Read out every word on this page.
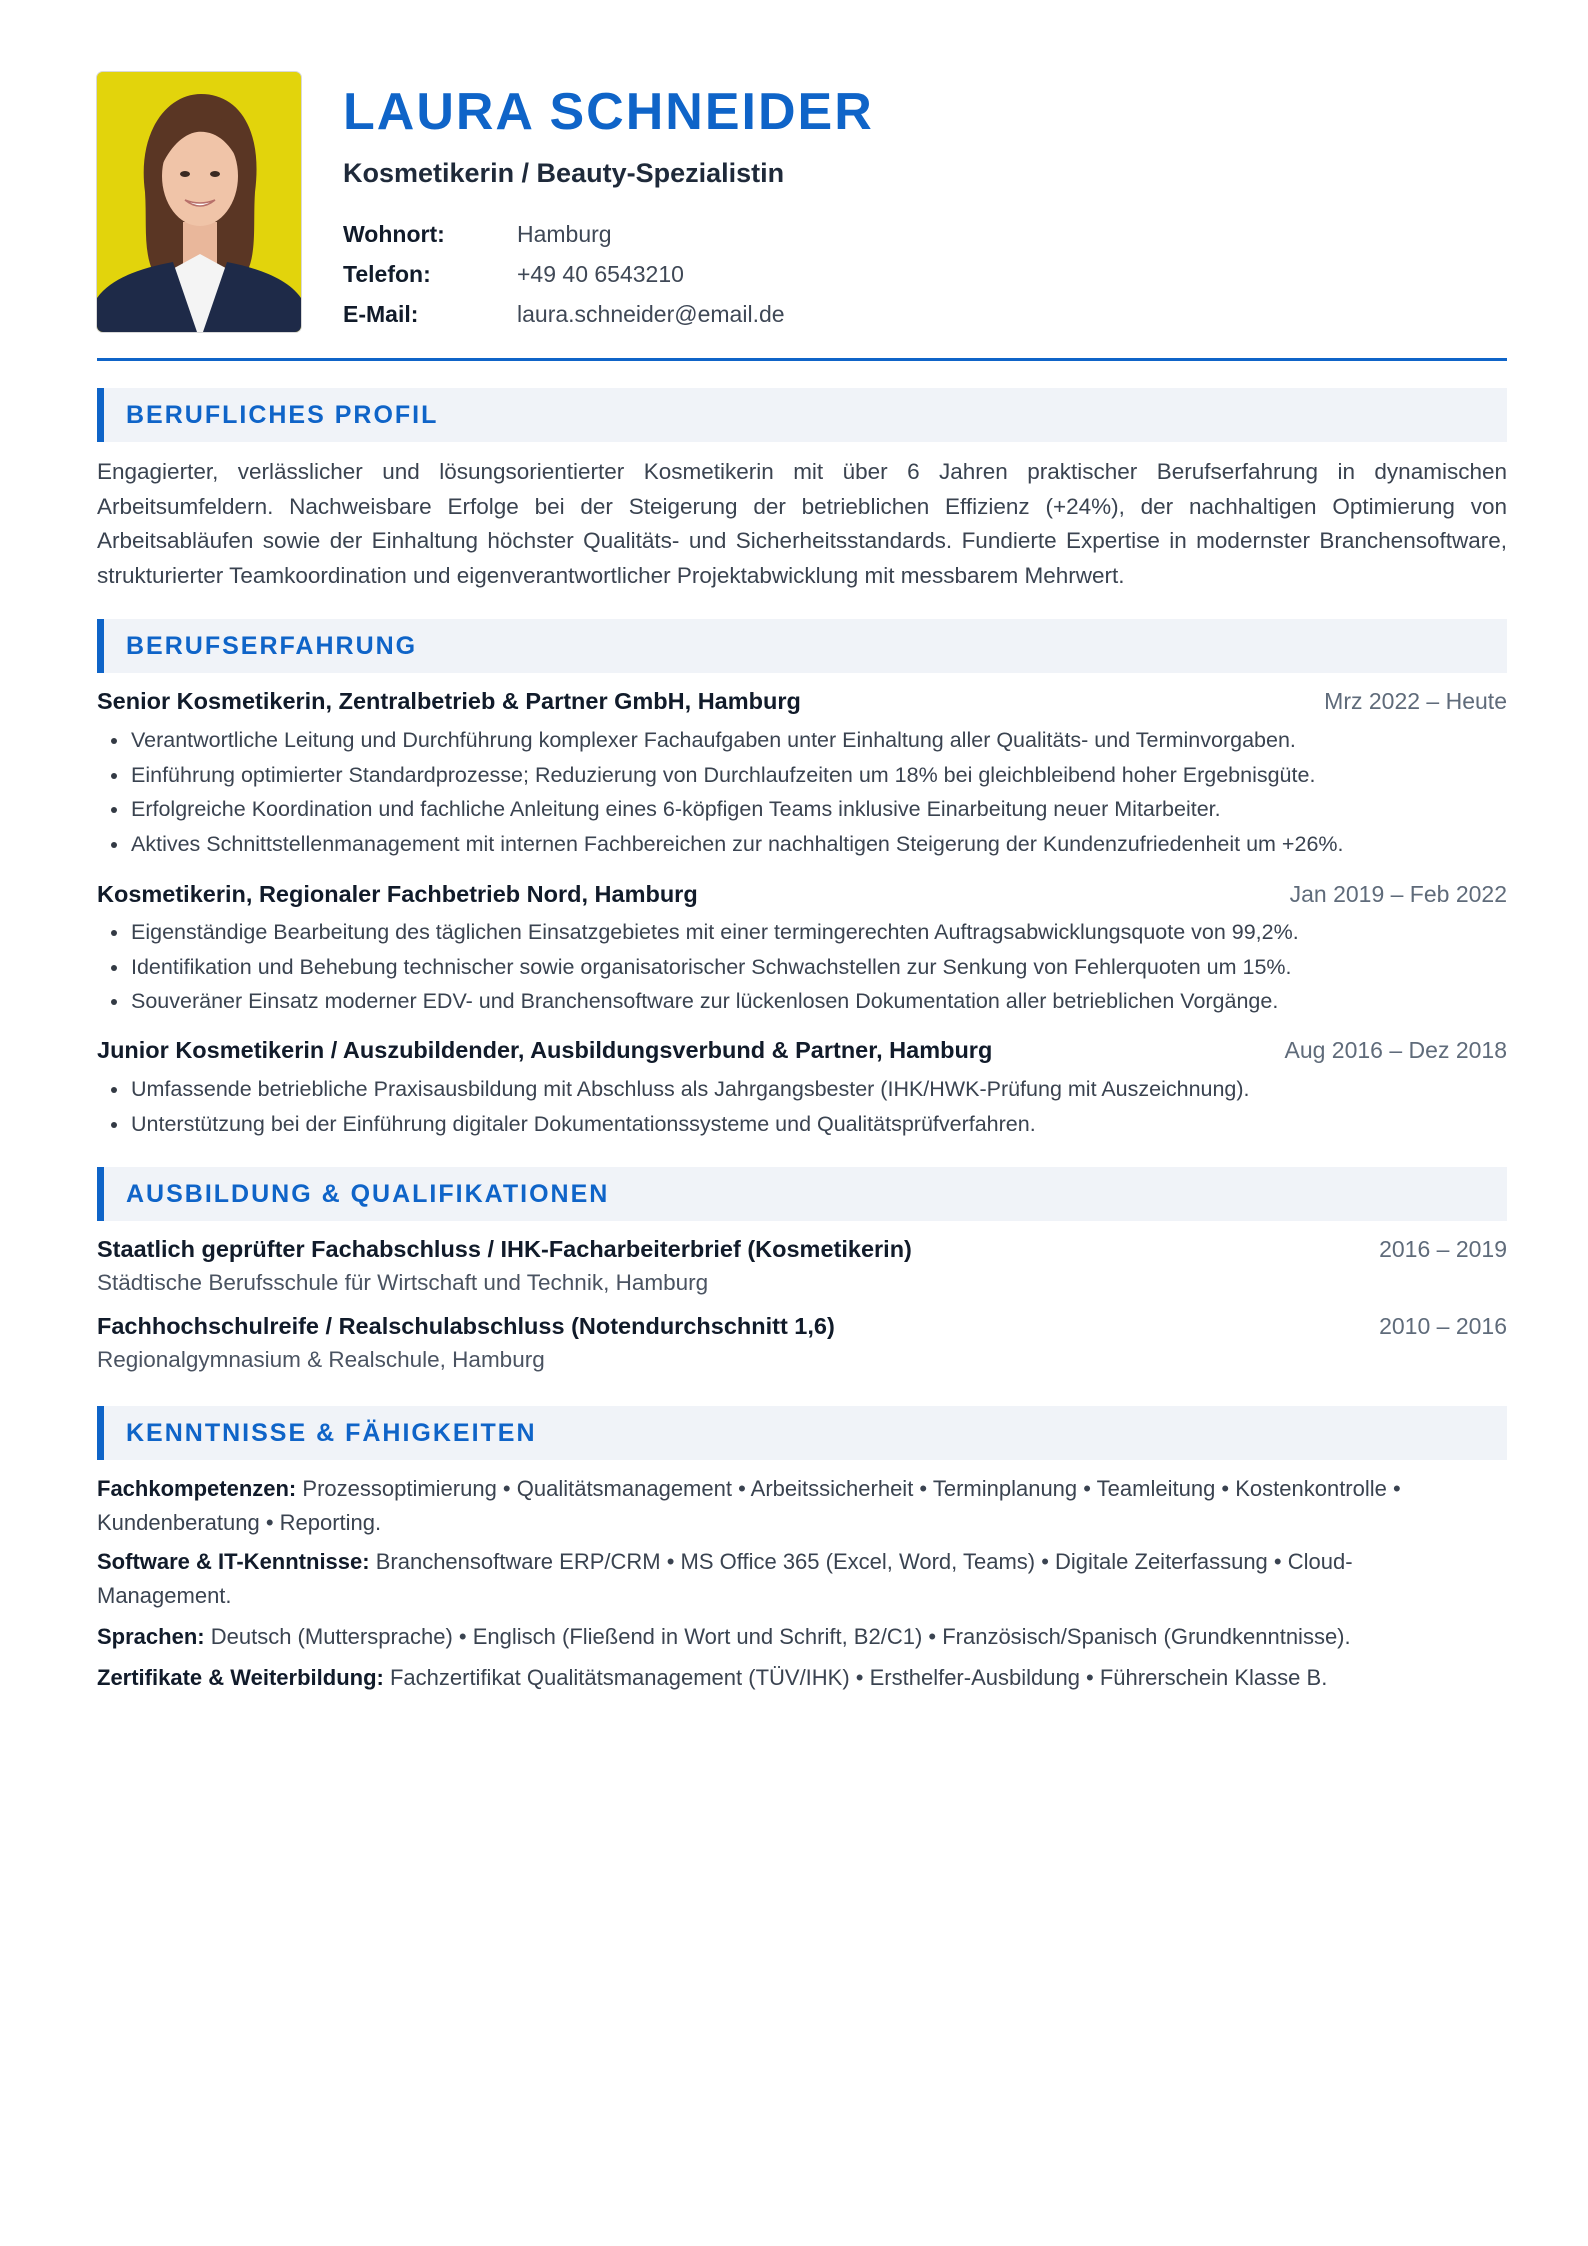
LAURA SCHNEIDER
Kosmetikerin / Beauty-Spezialistin
Wohnort:	Hamburg
Telefon:	+49 40 6543210
E-Mail:	laura.schneider@email.de
BERUFLICHES PROFIL
Engagierter, verlässlicher und lösungsorientierter Kosmetikerin mit über 6 Jahren praktischer Berufserfahrung in dynamischen Arbeitsumfeldern. Nachweisbare Erfolge bei der Steigerung der betrieblichen Effizienz (+24%), der nachhaltigen Optimierung von Arbeitsabläufen sowie der Einhaltung höchster Qualitäts- und Sicherheitsstandards. Fundierte Expertise in modernster Branchensoftware, strukturierter Teamkoordination und eigenverantwortlicher Projektabwicklung mit messbarem Mehrwert.
BERUFSERFAHRUNG
Senior Kosmetikerin, Zentralbetrieb & Partner GmbH, Hamburg	Mrz 2022 – Heute
Verantwortliche Leitung und Durchführung komplexer Fachaufgaben unter Einhaltung aller Qualitäts- und Terminvorgaben.
Einführung optimierter Standardprozesse; Reduzierung von Durchlaufzeiten um 18% bei gleichbleibend hoher Ergebnisgüte.
Erfolgreiche Koordination und fachliche Anleitung eines 6-köpfigen Teams inklusive Einarbeitung neuer Mitarbeiter.
Aktives Schnittstellenmanagement mit internen Fachbereichen zur nachhaltigen Steigerung der Kundenzufriedenheit um +26%.
Kosmetikerin, Regionaler Fachbetrieb Nord, Hamburg	Jan 2019 – Feb 2022
Eigenständige Bearbeitung des täglichen Einsatzgebietes mit einer termingerechten Auftragsabwicklungsquote von 99,2%.
Identifikation und Behebung technischer sowie organisatorischer Schwachstellen zur Senkung von Fehlerquoten um 15%.
Souveräner Einsatz moderner EDV- und Branchensoftware zur lückenlosen Dokumentation aller betrieblichen Vorgänge.
Junior Kosmetikerin / Auszubildender, Ausbildungsverbund & Partner, Hamburg	Aug 2016 – Dez 2018
Umfassende betriebliche Praxisausbildung mit Abschluss als Jahrgangsbester (IHK/HWK-Prüfung mit Auszeichnung).
Unterstützung bei der Einführung digitaler Dokumentationssysteme und Qualitätsprüfverfahren.
AUSBILDUNG & QUALIFIKATIONEN
Staatlich geprüfter Fachabschluss / IHK-Facharbeiterbrief (Kosmetikerin)	2016 – 2019
Städtische Berufsschule für Wirtschaft und Technik, Hamburg
Fachhochschulreife / Realschulabschluss (Notendurchschnitt 1,6)	2010 – 2016
Regionalgymnasium & Realschule, Hamburg
KENNTNISSE & FÄHIGKEITEN
Fachkompetenzen: Prozessoptimierung • Qualitätsmanagement • Arbeitssicherheit • Terminplanung • Teamleitung • Kostenkontrolle • Kundenberatung • Reporting.
Software & IT-Kenntnisse: Branchensoftware ERP/CRM • MS Office 365 (Excel, Word, Teams) • Digitale Zeiterfassung • Cloud-Management.
Sprachen: Deutsch (Muttersprache) • Englisch (Fließend in Wort und Schrift, B2/C1) • Französisch/Spanisch (Grundkenntnisse).
Zertifikate & Weiterbildung: Fachzertifikat Qualitätsmanagement (TÜV/IHK) • Ersthelfer-Ausbildung • Führerschein Klasse B.
